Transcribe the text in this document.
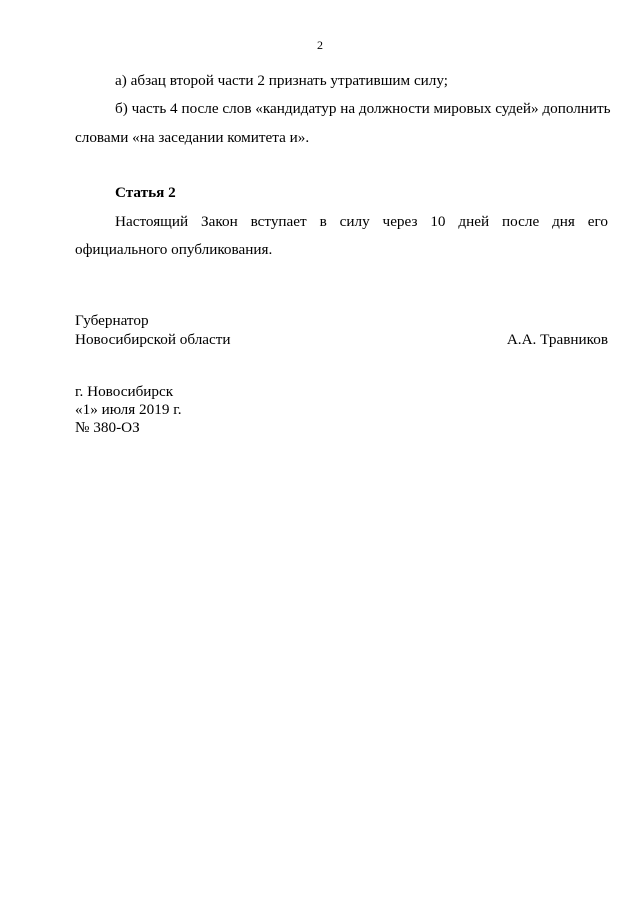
2
а) абзац второй части 2 признать утратившим силу;
б) часть 4 после слов «кандидатур на должности мировых судей» дополнить
словами «на заседании комитета и».
Статья 2
Настоящий Закон вступает в силу через 10 дней после дня его
официального опубликования.
Губернатор
Новосибирской области	А.А. Травников
г. Новосибирск
«1» июля 2019 г.
№ 380-ОЗ
